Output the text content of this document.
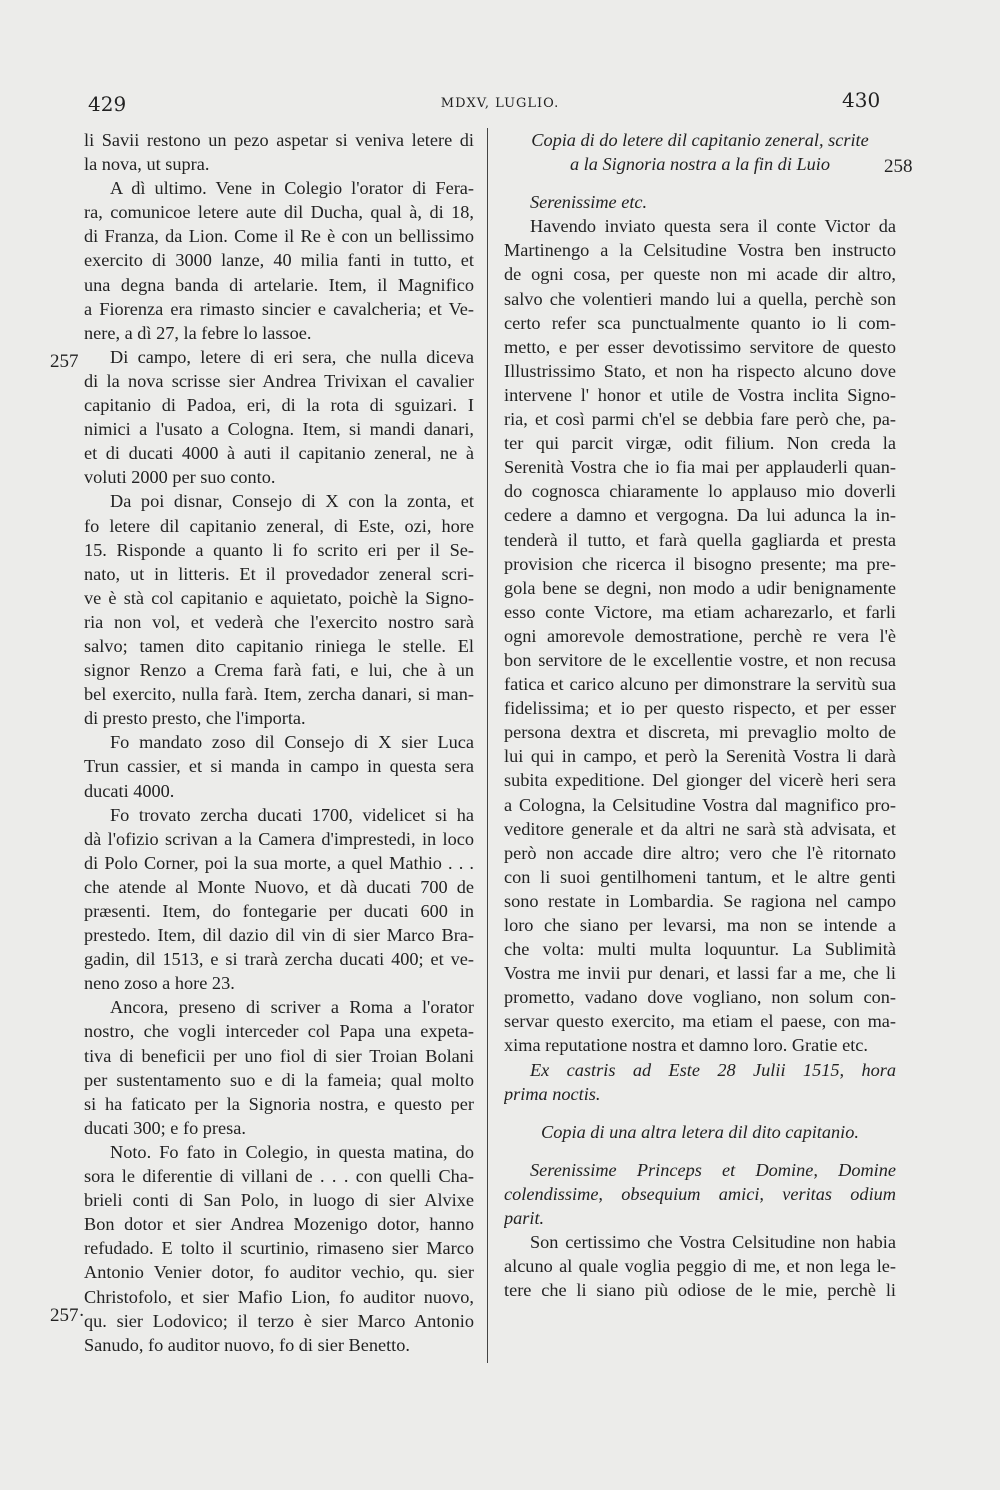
429	MDXV, LUGLIO.	430
257
257·
258
li Savii restono un pezo aspetar si veniva letere di
la nova, ut supra.
A dì ultimo. Vene in Colegio l'orator di Fera-
ra, comunicoe letere aute dil Ducha, qual à, di 18,
di Franza, da Lion. Come il Re è con un bellissimo
exercito di 3000 lanze, 40 milia fanti in tutto, et
una degna banda di artelarie. Item, il Magnifico
a Fiorenza era rimasto sincier e cavalcheria; et Ve-
nere, a dì 27, la febre lo lassoe.
Di campo, letere di eri sera, che nulla diceva
di la nova scrisse sier Andrea Trivixan el cavalier
capitanio di Padoa, eri, di la rota di sguizari. I
nimici a l'usato a Cologna. Item, si mandi danari,
et di ducati 4000 à auti il capitanio zeneral, ne à
voluti 2000 per suo conto.
Da poi disnar, Consejo di X con la zonta, et
fo letere dil capitanio zeneral, di Este, ozi, hore
15. Risponde a quanto li fo scrito eri per il Se-
nato, ut in litteris. Et il provedador zeneral scri-
ve è stà col capitanio e aquietato, poichè la Signo-
ria non vol, et vederà che l'exercito nostro sarà
salvo; tamen dito capitanio riniega le stelle. El
signor Renzo a Crema farà fati, e lui, che à un
bel exercito, nulla farà. Item, zercha danari, si man-
di presto presto, che l'importa.
Fo mandato zoso dil Consejo di X sier Luca
Trun cassier, et si manda in campo in questa sera
ducati 4000.
Fo trovato zercha ducati 1700, videlicet si ha
dà l'ofizio scrivan a la Camera d'imprestedi, in loco
di Polo Corner, poi la sua morte, a quel Mathio . . .
che atende al Monte Nuovo, et dà ducati 700 de
præsenti. Item, do fontegarie per ducati 600 in
prestedo. Item, dil dazio dil vin di sier Marco Bra-
gadin, dil 1513, e si trarà zercha ducati 400; et ve-
neno zoso a hore 23.
Ancora, preseno di scriver a Roma a l'orator
nostro, che vogli interceder col Papa una expeta-
tiva di beneficii per uno fiol di sier Troian Bolani
per sustentamento suo e di la fameia; qual molto
si ha faticato per la Signoria nostra, e questo per
ducati 300; e fo presa.
Noto. Fo fato in Colegio, in questa matina, do
sora le diferentie di villani de . . . con quelli Cha-
brieli conti di San Polo, in luogo di sier Alvixe
Bon dotor et sier Andrea Mozenigo dotor, hanno
refudado. E tolto il scurtinio, rimaseno sier Marco
Antonio Venier dotor, fo auditor vechio, qu. sier
Christofolo, et sier Mafio Lion, fo auditor nuovo,
qu. sier Lodovico; il terzo è sier Marco Antonio
Sanudo, fo auditor nuovo, fo di sier Benetto.
Copia di do letere dil capitanio zeneral, scrite
a la Signoria nostra a la fin di Luio
Serenissime etc.
Havendo inviato questa sera il conte Victor da
Martinengo a la Celsitudine Vostra ben instructo
de ogni cosa, per queste non mi acade dir altro,
salvo che volentieri mando lui a quella, perchè son
certo refer sca punctualmente quanto io li com-
metto, e per esser devotissimo servitore de questo
Illustrissimo Stato, et non ha rispecto alcuno dove
intervene l' honor et utile de Vostra inclita Signo-
ria, et così parmi ch'el se debbia fare però che, pa-
ter qui parcit virgæ, odit filium. Non creda la
Serenità Vostra che io fia mai per applauderli quan-
do cognosca chiaramente lo applauso mio doverli
cedere a damno et vergogna. Da lui adunca la in-
tenderà il tutto, et farà quella gagliarda et presta
provision che ricerca il bisogno presente; ma pre-
gola bene se degni, non modo a udir benignamente
esso conte Victore, ma etiam acharezarlo, et farli
ogni amorevole demostratione, perchè re vera l'è
bon servitore de le excellentie vostre, et non recusa
fatica et carico alcuno per dimonstrare la servitù sua
fidelissima; et io per questo rispecto, et per esser
persona dextra et discreta, mi prevaglio molto de
lui qui in campo, et però la Serenità Vostra li darà
subita expeditione. Del gionger del vicerè heri sera
a Cologna, la Celsitudine Vostra dal magnifico pro-
veditore generale et da altri ne sarà stà advisata, et
però non accade dire altro; vero che l'è ritornato
con li suoi gentilhomeni tantum, et le altre genti
sono restate in Lombardia. Se ragiona nel campo
loro che siano per levarsi, ma non se intende a
che volta: multi multa loquuntur. La Sublimità
Vostra me invii pur denari, et lassi far a me, che li
prometto, vadano dove vogliano, non solum con-
servar questo exercito, ma etiam el paese, con ma-
xima reputatione nostra et damno loro. Gratie etc.
Ex castris ad Este 28 Julii 1515, hora
prima noctis.
Copia di una altra letera dil dito capitanio.
Serenissime Princeps et Domine, Domine
colendissime, obsequium amici, veritas odium
parit.
Son certissimo che Vostra Celsitudine non habia
alcuno al quale voglia peggio di me, et non lega le-
tere che li siano più odiose de le mie, perchè li
